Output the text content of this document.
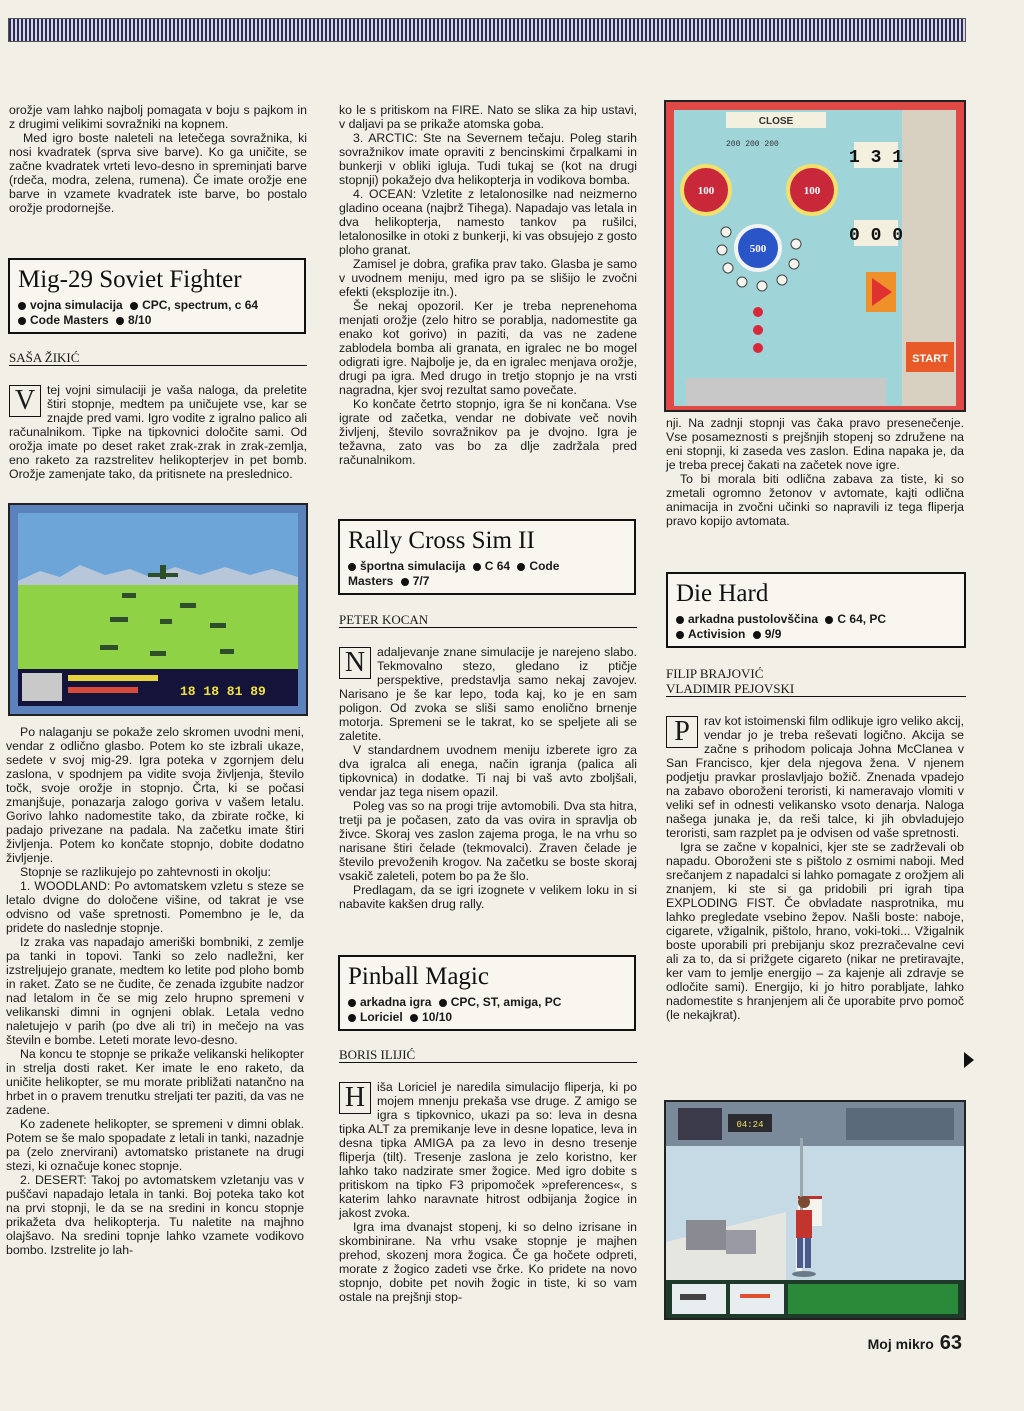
orožje vam lahko najbolj pomagata v boju s pajkom in z drugimi velikimi sovražniki na kopnem.

Med igro boste naleteli na letečega sovražnika, ki nosi kvadratek (sprva sive barve). Ko ga uničite, se začne kvadratek vrteti levo-desno in spreminjati barve (rdeča, modra, zelena, rumena). Če imate orožje ene barve in vzamete kvadratek iste barve, bo postalo orožje prodornejše.

Mig-29 Soviet Fighter
vojna simulacija CPC, spectrum, c 64
Code Masters 8/10
SAŠA ŽIKIĆ

V tej vojni simulaciji je vaša naloga, da preletite štiri stopnje, medtem pa uničujete vse, kar se znajde pred vami. Igro vodite z igralno palico ali računalnikom. Tipke na tipkovnici določite sami. Od orožja imate po deset raket zrak-zrak in zrak-zemlja, eno raketo za razstrelitev helikopterjev in pet bomb. Orožje zamenjate tako, da pritisnete na preslednico.

18 18 81 89

Po nalaganju se pokaže zelo skromen uvodni meni, vendar z odlično glasbo. Potem ko ste izbrali ukaze, sedete v svoj mig-29. Igra poteka v zgornjem delu zaslona, v spodnjem pa vidite svoja življenja, število točk, svoje orožje in stopnjo. Črta, ki se počasi zmanjšuje, ponazarja zalogo goriva v vašem letalu. Gorivo lahko nadomestite tako, da zbirate ročke, ki padajo privezane na padala. Na začetku imate štiri življenja. Potem ko končate stopnjo, dobite dodatno življenje.

Stopnje se razlikujejo po zahtevnosti in okolju:

1. WOODLAND: Po avtomatskem vzletu s steze se letalo dvigne do določene višine, od takrat je vse odvisno od vaše spretnosti. Pomembno je le, da pridete do naslednje stopnje.

Iz zraka vas napadajo ameriški bombniki, z zemlje pa tanki in topovi. Tanki so zelo nadležni, ker izstreljujejo granate, medtem ko letite pod ploho bomb in raket. Zato se ne čudite, če zenada izgubite nadzor nad letalom in če se mig zelo hrupno spremeni v velikanski dimni in ognjeni oblak. Letala vedno naletujejo v parih (po dve ali tri) in mečejo na vas številn e bombe. Leteti morate levo-desno.

Na koncu te stopnje se prikaže velikanski helikopter in strelja dosti raket. Ker imate le eno raketo, da uničite helikopter, se mu morate približati natančno na hrbet in o pravem trenutku streljati ter paziti, da vas ne zadene.

Ko zadenete helikopter, se spremeni v dimni oblak. Potem se še malo spopadate z letali in tanki, nazadnje pa (zelo znervirani) avtomatsko pristanete na drugi stezi, ki označuje konec stopnje.

2. DESERT: Takoj po avtomatskem vzletanju vas v puščavi napadajo letala in tanki. Boj poteka tako kot na prvi stopnji, le da se na sredini in koncu stopnje prikažeta dva helikopterja. Tu naletite na majhno olajšavo. Na sredini topnje lahko vzamete vodikovo bombo. Izstrelite jo lah-

ko le s pritiskom na FIRE. Nato se slika za hip ustavi, v daljavi pa se prikaže atomska goba.

3. ARCTIC: Ste na Severnem tečaju. Poleg starih sovražnikov imate opraviti z bencinskimi črpalkami in bunkerji v obliki igluja. Tudi tukaj se (kot na drugi stopnji) pokažejo dva helikopterja in vodikova bomba.

4. OCEAN: Vzletite z letalonosilke nad neizmerno gladino oceana (najbrž Tihega). Napadajo vas letala in dva helikopterja, namesto tankov pa rušilci, letalonosilke in otoki z bunkerji, ki vas obsujejo z gosto ploho granat.

Zamisel je dobra, grafika prav tako. Glasba je samo v uvodnem meniju, med igro pa se slišijo le zvočni efekti (eksplozije itn.).

Še nekaj opozoril. Ker je treba neprenehoma menjati orožje (zelo hitro se porablja, nadomestite ga enako kot gorivo) in paziti, da vas ne zadene zablodela bomba ali granata, en igralec ne bo mogel odigrati igre. Najbolje je, da en igralec menjava orožje, drugi pa igra. Med drugo in tretjo stopnjo je na vrsti nagradna, kjer svoj rezultat samo povečate.

Ko končate četrto stopnjo, igra še ni končana. Vse igrate od začetka, vendar ne dobivate več novih življenj, število sovražnikov pa je dvojno. Igra je težavna, zato vas bo za dlje zadržala pred računalnikom.

Rally Cross Sim II
športna simulacija C 64 Code
Masters 7/7
PETER KOCAN

N adaljevanje znane simulacije je narejeno slabo. Tekmovalno stezo, gledano iz ptičje perspektive, predstavlja samo nekaj zavojev. Narisano je še kar lepo, toda kaj, ko je en sam poligon. Od zvoka se sliši samo enolično brnenje motorja. Spremeni se le takrat, ko se speljete ali se zaletite.

V standardnem uvodnem meniju izberete igro za dva igralca ali enega, način igranja (palica ali tipkovnica) in dodatke. Ti naj bi vaš avto zboljšali, vendar jaz tega nisem opazil.

Poleg vas so na progi trije avtomobili. Dva sta hitra, tretji pa je počasen, zato da vas ovira in spravlja ob živce. Skoraj ves zaslon zajema proga, le na vrhu so narisane štiri čelade (tekmovalci). Zraven čelade je število prevoženih krogov. Na začetku se boste skoraj vsakič zaleteli, potem bo pa že šlo.

Predlagam, da se igri izognete v velikem loku in si nabavite kakšen drug rally.

Pinball Magic
arkadna igra CPC, ST, amiga, PC
Loriciel 10/10
BORIS ILIJIĆ

H iša Loriciel je naredila simulacijo fliperja, ki po mojem mnenju prekaša vse druge. Z amigo se igra s tipkovnico, ukazi pa so: leva in desna tipka ALT za premikanje leve in desne lopatice, leva in desna tipka AMIGA pa za levo in desno tresenje fliperja (tilt). Tresenje zaslona je zelo koristno, ker lahko tako nadzirate smer žogice. Med igro dobite s pritiskom na tipko F3 pripomoček »preferences«, s katerim lahko naravnate hitrost odbijanja žogice in jakost zvoka.

Igra ima dvanajst stopenj, ki so delno izrisane in skombinirane. Na vrhu vsake stopnje je majhen prehod, skozenj mora žogica. Če ga hočete odpreti, morate z žogico zadeti vse črke. Ko pridete na novo stopnjo, dobite pet novih žogic in tiste, ki so vam ostale na prejšnji stop-

CLOSE
200 200 200
100	100
500
1 3 1
0 0 0
START

nji. Na zadnji stopnji vas čaka pravo presenečenje. Vse posameznosti s prejšnjih stopenj so združene na eni stopnji, ki zaseda ves zaslon. Edina napaka je, da je treba precej čakati na začetek nove igre.

To bi morala biti odlična zabava za tiste, ki so zmetali ogromno žetonov v avtomate, kajti odlična animacija in zvočni učinki so napravili iz tega fliperja pravo kopijo avtomata.

Die Hard
arkadna pustolovščina C 64, PC
Activision 9/9
FILIP BRAJOVIĆ
VLADIMIR PEJOVSKI

P	rav kot istoimenski film odlikuje igro veliko akcij, vendar jo je treba reševati logično. Akcija se začne s prihodom policaja Johna McClanea v San Francisco, kjer dela njegova žena. V njenem podjetju pravkar proslavljajo božič. Znenada vpadejo na zabavo oboroženi teroristi, ki nameravajo vlomiti v veliki sef in odnesti velikansko vsoto denarja. Naloga našega junaka je, da reši talce, ki jih obvladujejo teroristi, sam razplet pa je odvisen od vaše spretnosti.

Igra se začne v kopalnici, kjer ste se zadrževali ob napadu. Oboroženi ste s pištolo z osmimi naboji. Med srečanjem z napadalci si lahko pomagate z orožjem ali znanjem, ki ste si ga pridobili pri igrah tipa EXPLODING FIST. Če obvladate nasprotnika, mu lahko pregledate vsebino žepov. Našli boste: naboje, cigarete, vžigalnik, pištolo, hrano, voki-toki... Vžigalnik boste uporabili pri prebijanju skoz prezračevalne cevi ali za to, da si prižgete cigareto (nikar ne pretiravajte, ker vam to jemlje energijo – za kajenje ali zdravje se odločite sami). Energijo, ki jo hitro porabljate, lahko nadomestite s hranjenjem ali če uporabite prvo pomoč (le nekajkrat).

04:24
Moj mikro 63
